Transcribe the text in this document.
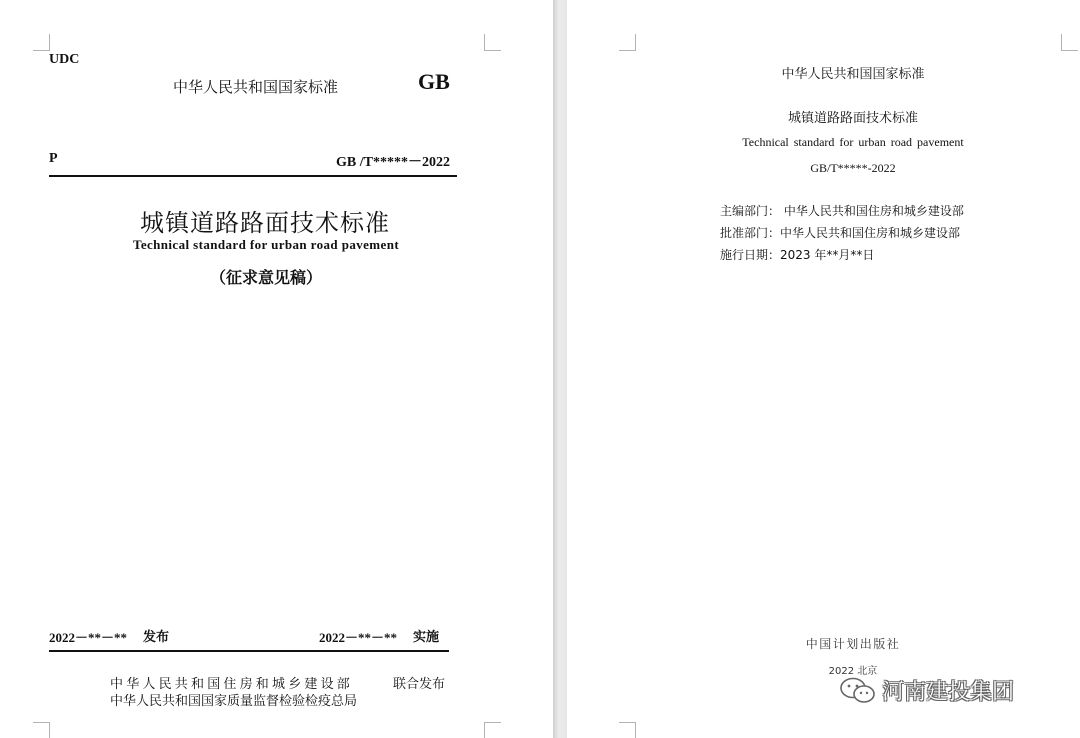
UDC
中华人民共和国国家标准	GB
P	GB /T*****－2022
城镇道路路面技术标准
Technical standard for urban road pavement
（征求意见稿）
2022－**－** 发布	2022－**－** 实施
中华人民共和国住房和城乡建设部	联合发布
中华人民共和国国家质量监督检验检疫总局
中华人民共和国国家标准
城镇道路路面技术标准
Technical standard for urban road pavement
GB/T*****-2022
主编部门： 中华人民共和国住房和城乡建设部
批准部门：中华人民共和国住房和城乡建设部
施行日期：2023 年**月**日
中国计划出版社
2022 北京
河南建投集团
